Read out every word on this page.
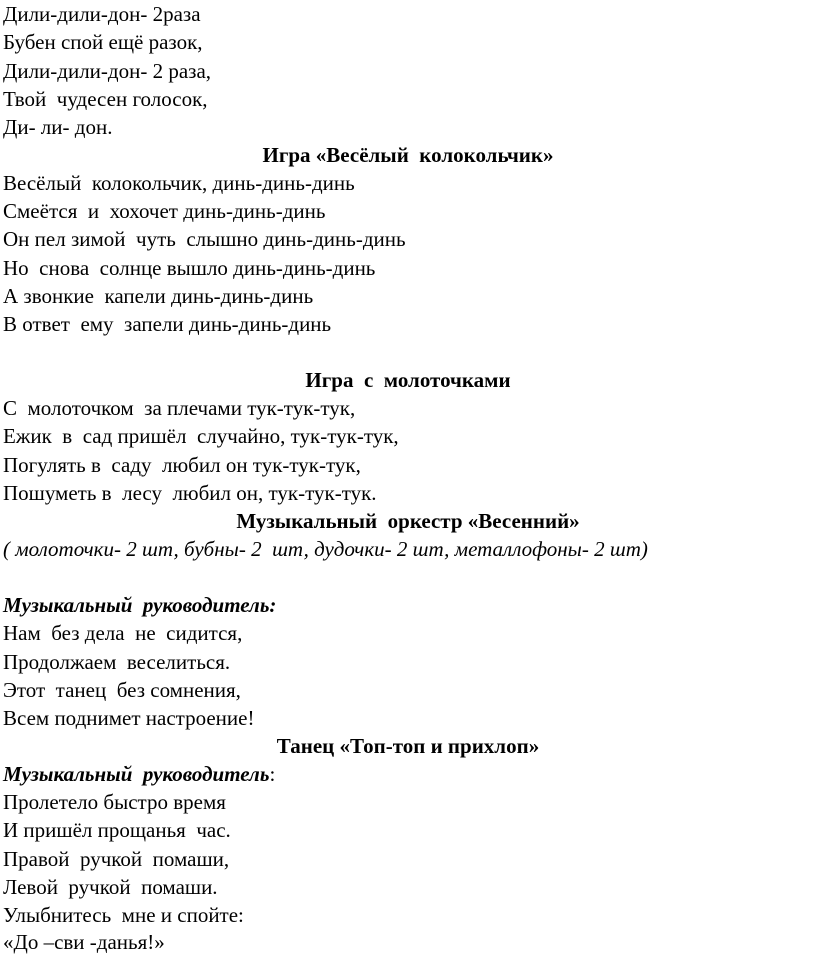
Дили-дили-дон- 2раза
Бубен спой ещё разок,
Дили-дили-дон- 2 раза,
Твой  чудесен голосок,
Ди- ли- дон.
Игра «Весёлый  колокольчик»
Весёлый  колокольчик, динь-динь-динь
Смеётся  и  хохочет динь-динь-динь
Он пел зимой  чуть  слышно динь-динь-динь
Но  снова  солнце вышло динь-динь-динь
А звонкие  капели динь-динь-динь
В ответ  ему  запели динь-динь-динь
Игра  с  молоточками
С  молоточком  за плечами тук-тук-тук,
Ежик  в  сад пришёл  случайно, тук-тук-тук,
Погулять в  саду  любил он тук-тук-тук,
Пошуметь в  лесу  любил он, тук-тук-тук.
Музыкальный  оркестр «Весенний»
( молоточки- 2 шт, бубны- 2  шт, дудочки- 2 шт, металлофоны- 2 шт)
Музыкальный  руководитель:
Нам  без дела  не  сидится,
Продолжаем  веселиться.
Этот  танец  без сомнения,
Всем поднимет настроение!
Танец «Топ-топ и прихлоп»
Музыкальный  руководитель:
Пролетело быстро время
И пришёл прощанья  час.
Правой  ручкой  помаши,
Левой  ручкой  помаши.
Улыбнитесь  мне и спойте:
«До –сви -данья!»
